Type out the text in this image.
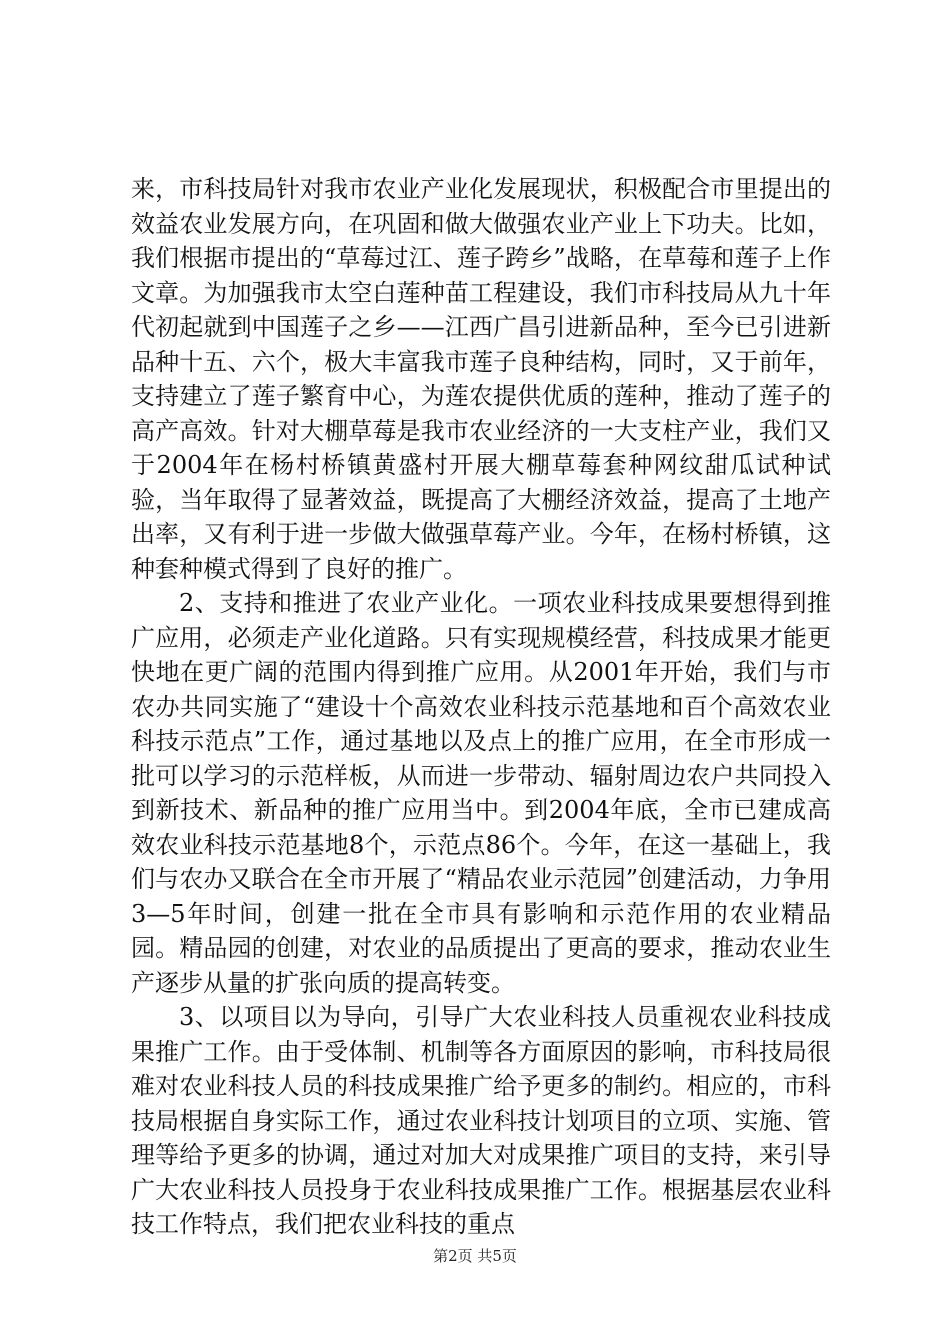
来，市科技局针对我市农业产业化发展现状，积极配合市里提出的效益农业发展方向，在巩固和做大做强农业产业上下功夫。比如，我们根据市提出的“草莓过江、莲子跨乡”战略，在草莓和莲子上作文章。为加强我市太空白莲种苗工程建设，我们市科技局从九十年代初起就到中国莲子之乡——江西广昌引进新品种，至今已引进新品种十五、六个，极大丰富我市莲子良种结构，同时，又于前年，支持建立了莲子繁育中心，为莲农提供优质的莲种，推动了莲子的高产高效。针对大棚草莓是我市农业经济的一大支柱产业，我们又于2004年在杨村桥镇黄盛村开展大棚草莓套种网纹甜瓜试种试验，当年取得了显著效益，既提高了大棚经济效益，提高了土地产出率，又有利于进一步做大做强草莓产业。今年，在杨村桥镇，这种套种模式得到了良好的推广。

2、支持和推进了农业产业化。一项农业科技成果要想得到推广应用，必须走产业化道路。只有实现规模经营，科技成果才能更快地在更广阔的范围内得到推广应用。从2001年开始，我们与市农办共同实施了“建设十个高效农业科技示范基地和百个高效农业科技示范点”工作，通过基地以及点上的推广应用，在全市形成一批可以学习的示范样板，从而进一步带动、辐射周边农户共同投入到新技术、新品种的推广应用当中。到2004年底，全市已建成高效农业科技示范基地8个，示范点86个。今年，在这一基础上，我们与农办又联合在全市开展了“精品农业示范园”创建活动，力争用3—5年时间，创建一批在全市具有影响和示范作用的农业精品园。精品园的创建，对农业的品质提出了更高的要求，推动农业生产逐步从量的扩张向质的提高转变。

3、以项目以为导向，引导广大农业科技人员重视农业科技成果推广工作。由于受体制、机制等各方面原因的影响，市科技局很难对农业科技人员的科技成果推广给予更多的制约。相应的，市科技局根据自身实际工作，通过农业科技计划项目的立项、实施、管理等给予更多的协调，通过对加大对成果推广项目的支持，来引导广大农业科技人员投身于农业科技成果推广工作。根据基层农业科技工作特点，我们把农业科技的重点

第2页 共5页
